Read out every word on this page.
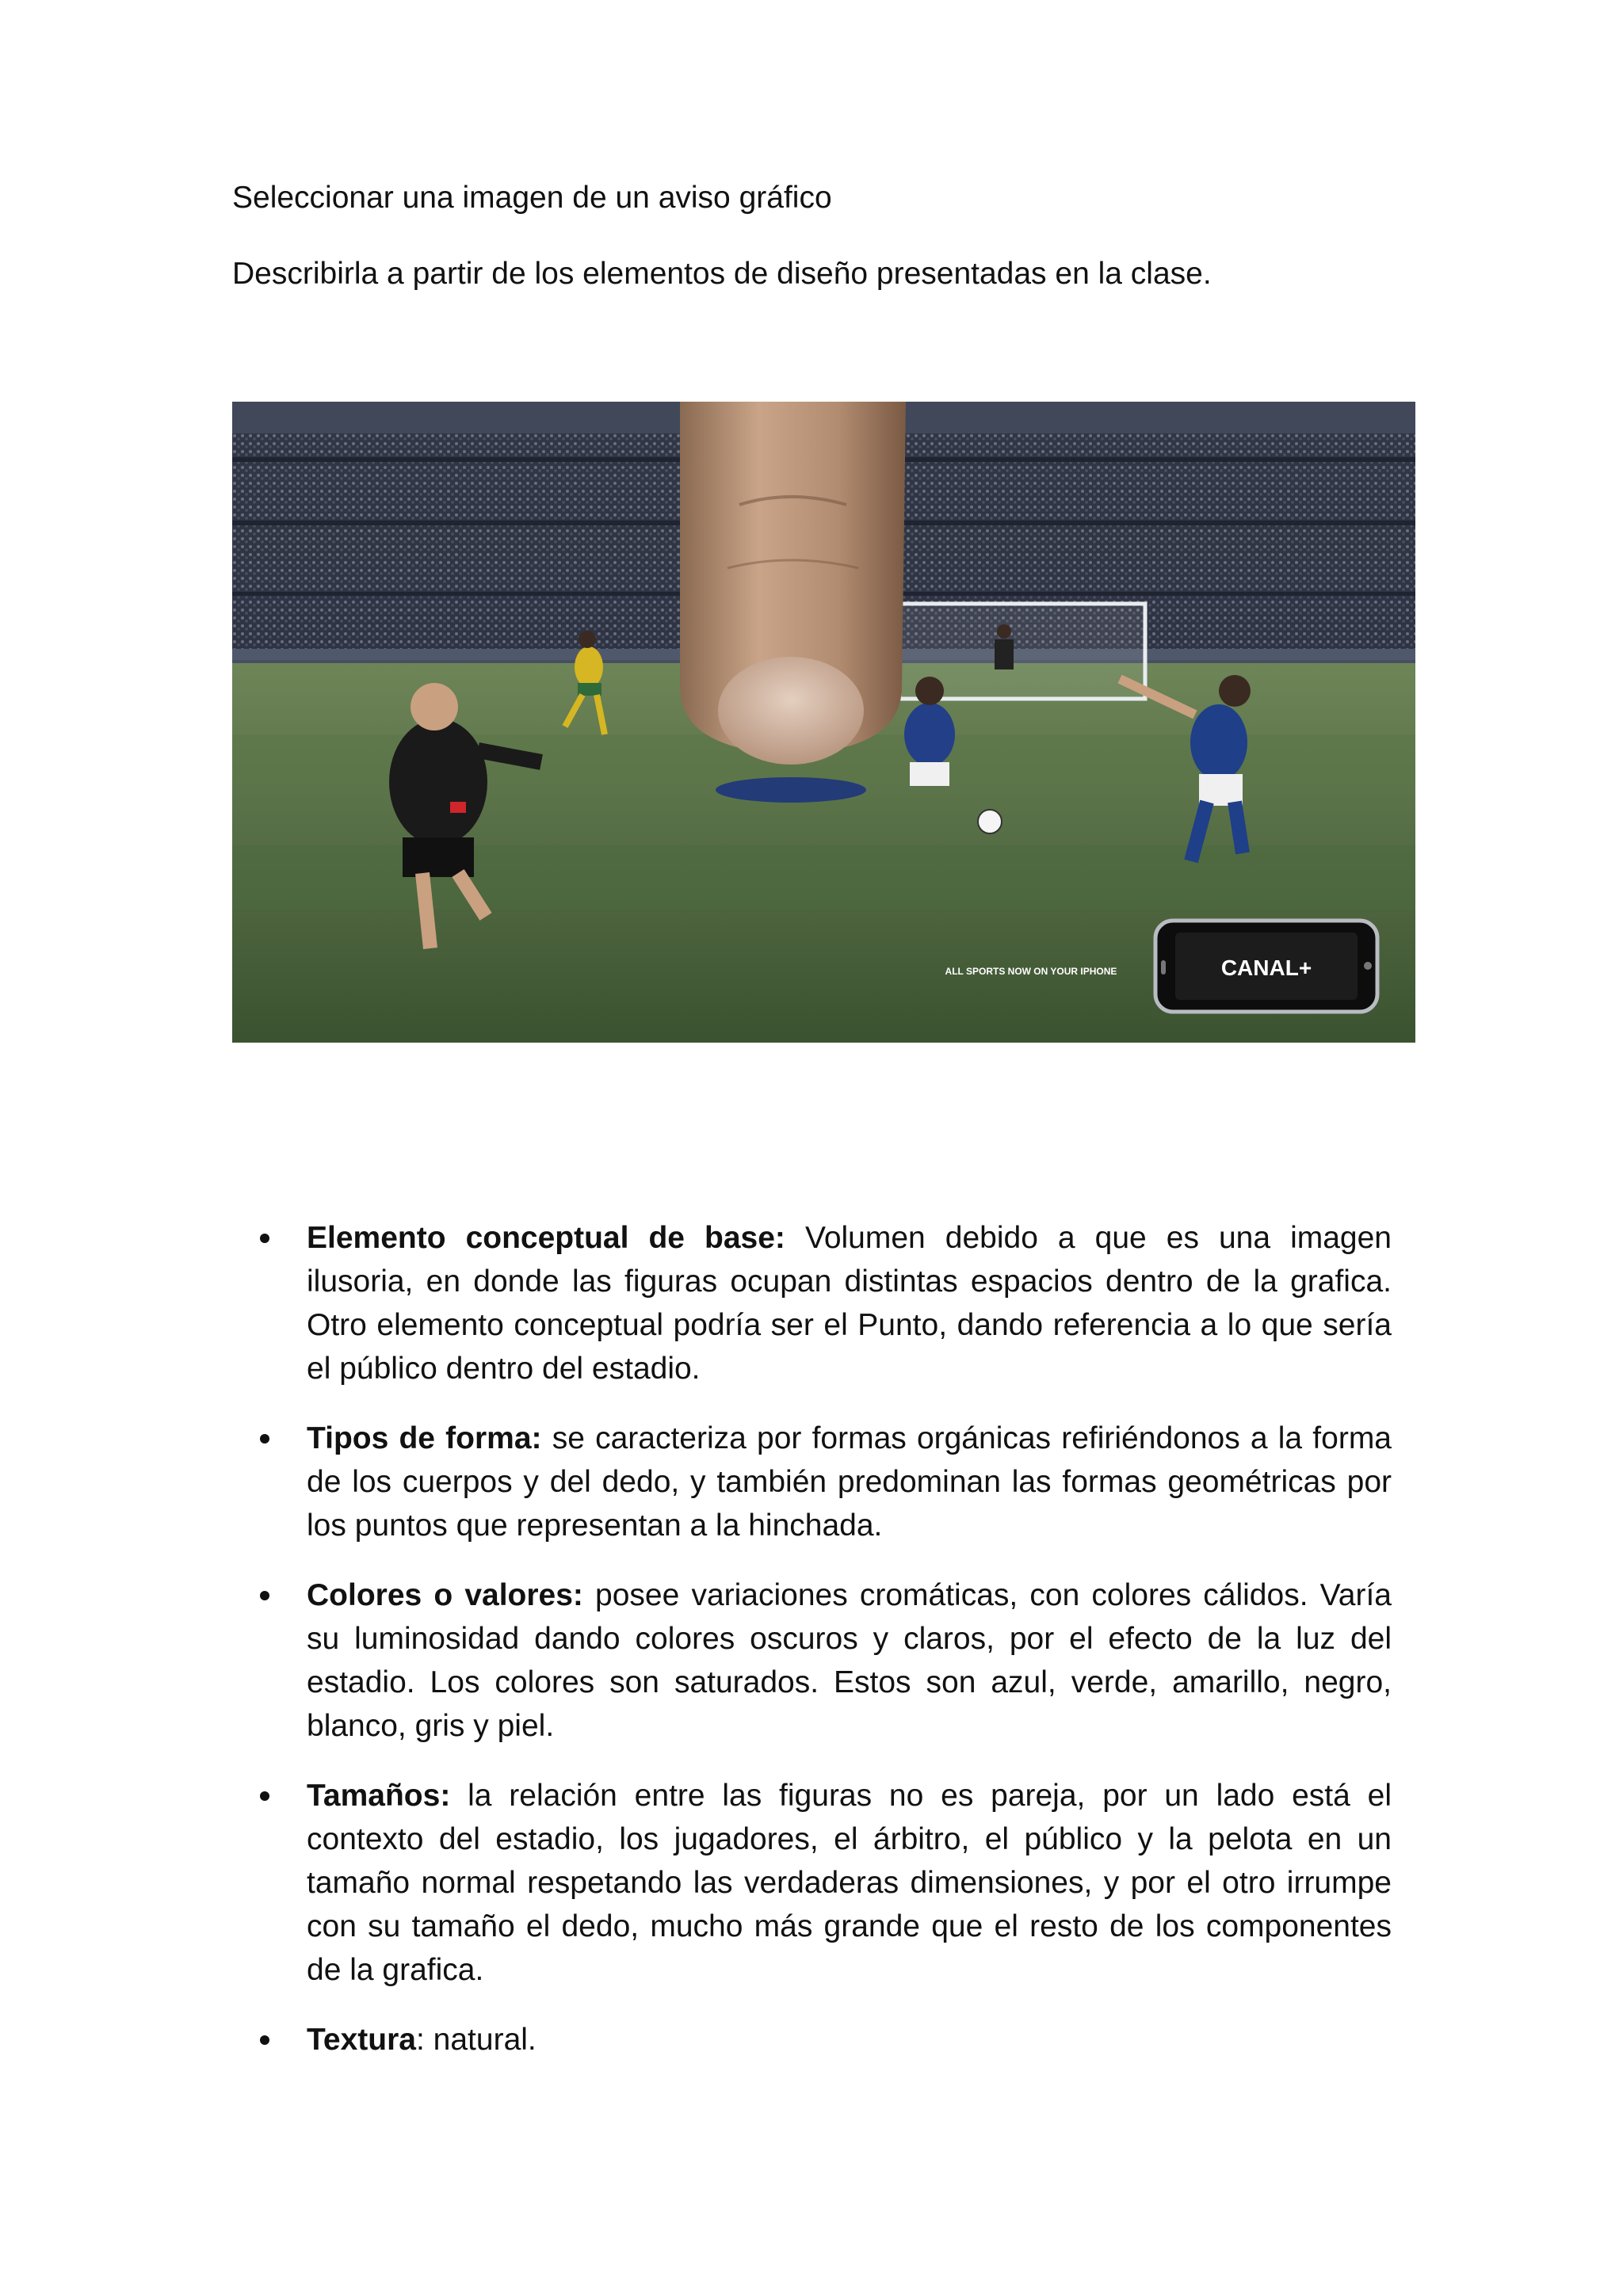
Seleccionar una imagen de un aviso gráfico
Describirla a partir de los elementos de diseño presentadas en la clase.
CANAL+
ALL SPORTS NOW ON YOUR IPHONE
Elemento conceptual de base: Volumen debido a que es una imagen ilusoria, en donde las figuras ocupan distintas espacios dentro de la grafica. Otro elemento conceptual podría ser el Punto, dando referencia a lo que sería el público dentro del estadio.
Tipos de forma: se caracteriza por formas orgánicas refiriéndonos a la forma de los cuerpos y del dedo, y también predominan las formas geométricas por los puntos que representan a la hinchada.
Colores o valores: posee variaciones cromáticas, con colores cálidos. Varía su luminosidad dando colores oscuros y claros, por el efecto de la luz del estadio. Los colores son saturados. Estos son azul, verde, amarillo, negro, blanco, gris y piel.
Tamaños: la relación entre las figuras no es pareja, por un lado está el contexto del estadio, los jugadores, el árbitro, el público y la pelota en un tamaño normal respetando las verdaderas dimensiones, y por el otro irrumpe con su tamaño el dedo, mucho más grande que el resto de los componentes de la grafica.
Textura: natural.
